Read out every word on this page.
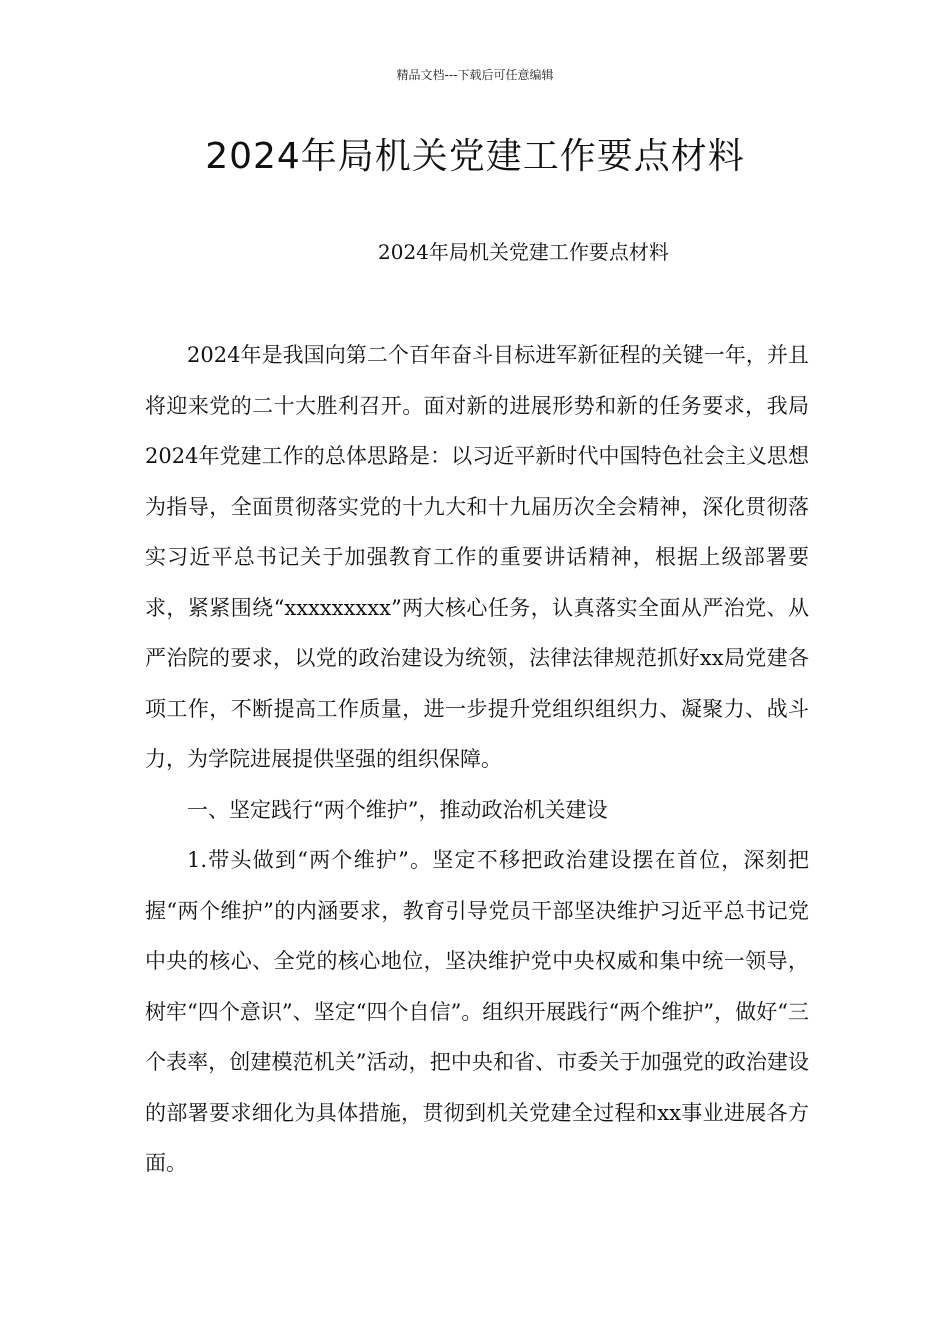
精品文档---下载后可任意编辑
2024年局机关党建工作要点材料
2024年局机关党建工作要点材料

2024年是我国向第二个百年奋斗目标进军新征程的关键一年，并且将迎来党的二十大胜利召开。面对新的进展形势和新的任务要求，我局2024年党建工作的总体思路是：以习近平新时代中国特色社会主义思想为指导，全面贯彻落实党的十九大和十九届历次全会精神，深化贯彻落实习近平总书记关于加强教育工作的重要讲话精神，根据上级部署要求，紧紧围绕“xxxxxxxxx”两大核心任务，认真落实全面从严治党、从严治院的要求，以党的政治建设为统领，法律法律规范抓好xx局党建各项工作，不断提高工作质量，进一步提升党组织组织力、凝聚力、战斗力，为学院进展提供坚强的组织保障。

一、坚定践行“两个维护”，推动政治机关建设

1.带头做到“两个维护”。坚定不移把政治建设摆在首位，深刻把握“两个维护”的内涵要求，教育引导党员干部坚决维护习近平总书记党中央的核心、全党的核心地位，坚决维护党中央权威和集中统一领导，树牢“四个意识”、坚定“四个自信”。组织开展践行“两个维护”，做好“三个表率，创建模范机关”活动，把中央和省、市委关于加强党的政治建设的部署要求细化为具体措施，贯彻到机关党建全过程和xx事业进展各方面。
